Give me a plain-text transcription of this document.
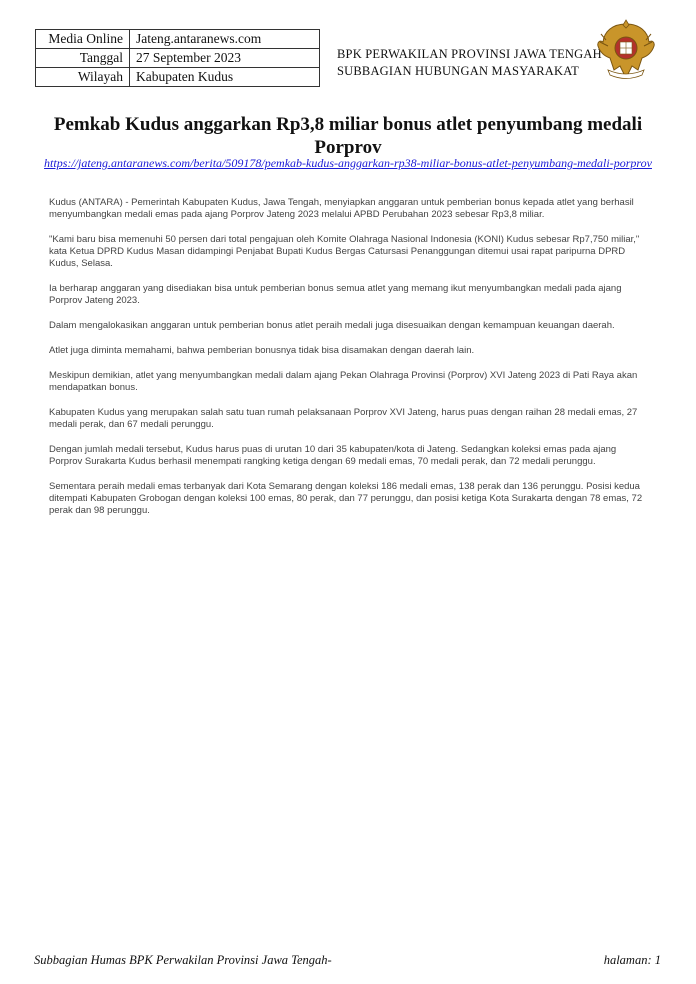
Media Online	Jateng.antaranews.com
Tanggal	27 September 2023
Wilayah	Kabupaten Kudus
BPK PERWAKILAN PROVINSI JAWA TENGAH
SUBBAGIAN HUBUNGAN MASYARAKAT
Pemkab Kudus anggarkan Rp3,8 miliar bonus atlet penyumbang medali Porprov
https://jateng.antaranews.com/berita/509178/pemkab-kudus-anggarkan-rp38-miliar-bonus-atlet-penyumbang-medali-porprov

Kudus (ANTARA) - Pemerintah Kabupaten Kudus, Jawa Tengah, menyiapkan anggaran untuk pemberian bonus kepada atlet yang berhasil menyumbangkan medali emas pada ajang Porprov Jateng 2023 melalui APBD Perubahan 2023 sebesar Rp3,8 miliar.

"Kami baru bisa memenuhi 50 persen dari total pengajuan oleh Komite Olahraga Nasional Indonesia (KONI) Kudus sebesar Rp7,750 miliar," kata Ketua DPRD Kudus Masan didampingi Penjabat Bupati Kudus Bergas Catursasi Penanggungan ditemui usai rapat paripurna DPRD Kudus, Selasa.

Ia berharap anggaran yang disediakan bisa untuk pemberian bonus semua atlet yang memang ikut menyumbangkan medali pada ajang Porprov Jateng 2023.

Dalam mengalokasikan anggaran untuk pemberian bonus atlet peraih medali juga disesuaikan dengan kemampuan keuangan daerah.

Atlet juga diminta memahami, bahwa pemberian bonusnya tidak bisa disamakan dengan daerah lain.

Meskipun demikian, atlet yang menyumbangkan medali dalam ajang Pekan Olahraga Provinsi (Porprov) XVI Jateng 2023 di Pati Raya akan mendapatkan bonus.

Kabupaten Kudus yang merupakan salah satu tuan rumah pelaksanaan Porprov XVI Jateng, harus puas dengan raihan 28 medali emas, 27 medali perak, dan 67 medali perunggu.

Dengan jumlah medali tersebut, Kudus harus puas di urutan 10 dari 35 kabupaten/kota di Jateng. Sedangkan koleksi emas pada ajang Porprov Surakarta Kudus berhasil menempati rangking ketiga dengan 69 medali emas, 70 medali perak, dan 72 medali perunggu.

Sementara peraih medali emas terbanyak dari Kota Semarang dengan koleksi 186 medali emas, 138 perak dan 136 perunggu. Posisi kedua ditempati Kabupaten Grobogan dengan koleksi 100 emas, 80 perak, dan 77 perunggu, dan posisi ketiga Kota Surakarta dengan 78 emas, 72 perak dan 98 perunggu.

Subbagian Humas BPK Perwakilan Provinsi Jawa Tengah-	halaman: 1
